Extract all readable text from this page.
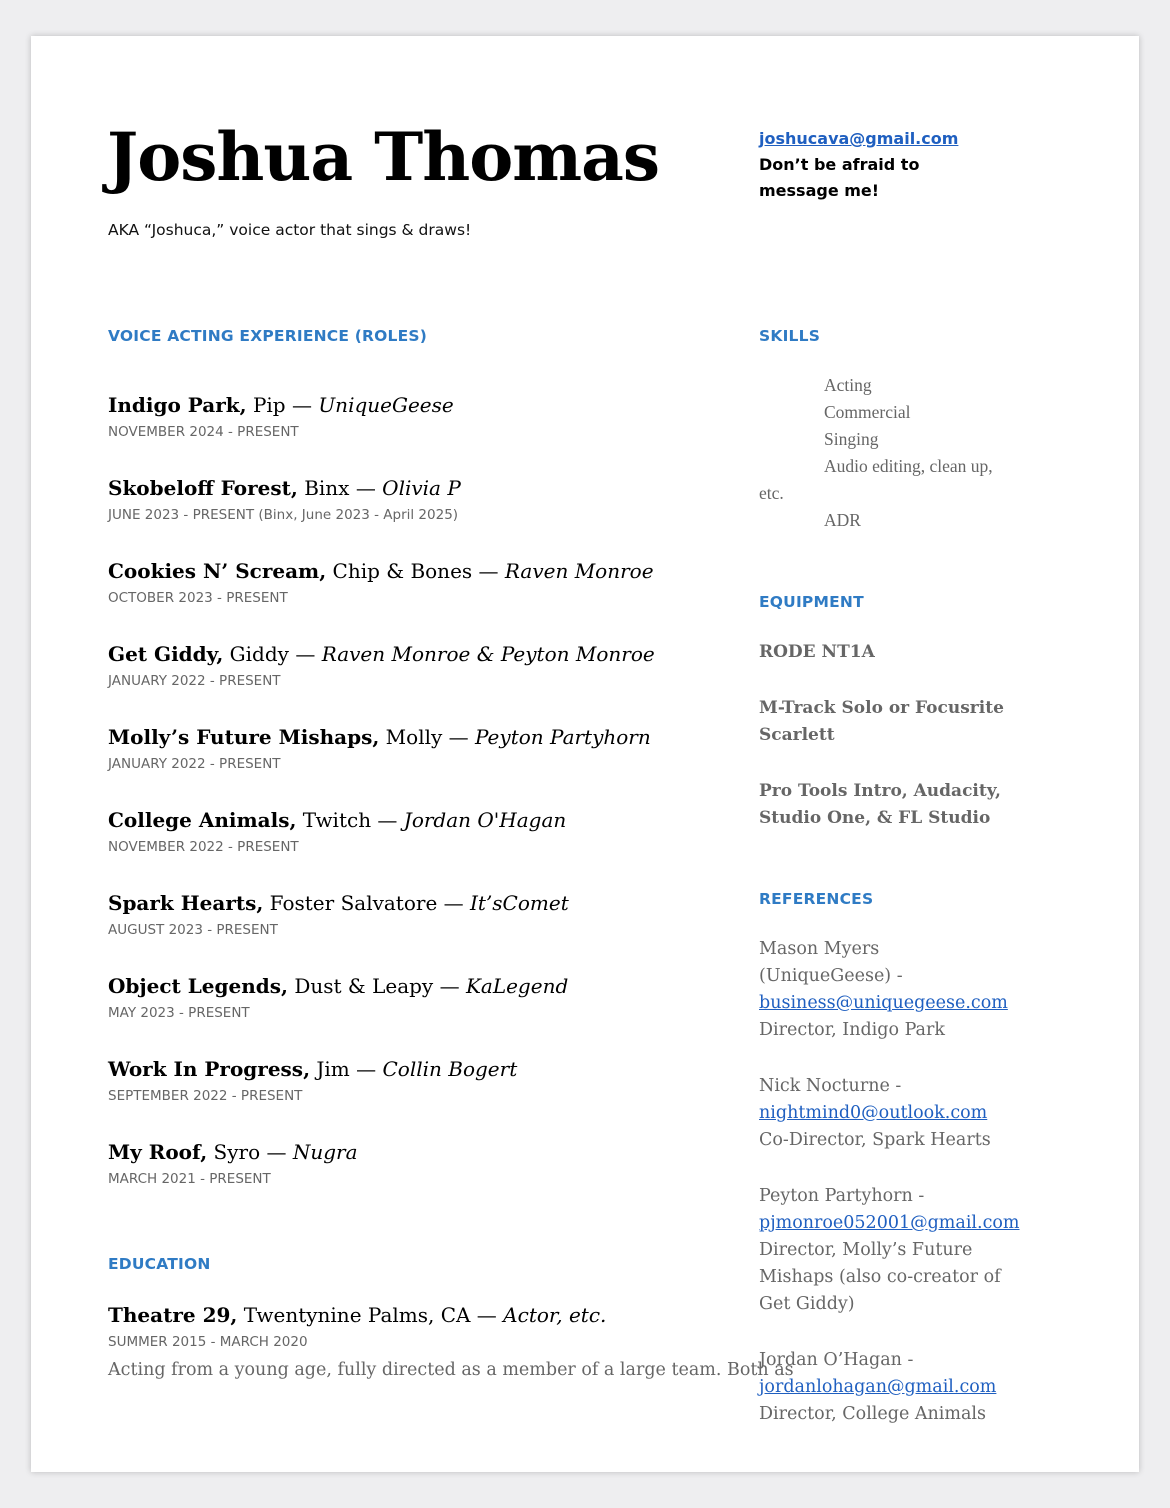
Joshua Thomas
AKA “Joshuca,” voice actor that sings & draws!
joshucava@gmail.com
Don’t be afraid to message me!
VOICE ACTING EXPERIENCE (ROLES)
Indigo Park, Pip — UniqueGeese
NOVEMBER 2024 - PRESENT
Skobeloff Forest, Binx — Olivia P
JUNE 2023 - PRESENT (Binx, June 2023 - April 2025)
Cookies N’ Scream, Chip & Bones — Raven Monroe
OCTOBER 2023 - PRESENT
Get Giddy, Giddy — Raven Monroe & Peyton Monroe
JANUARY 2022 - PRESENT
Molly’s Future Mishaps, Molly — Peyton Partyhorn
JANUARY 2022 - PRESENT
College Animals, Twitch — Jordan O'Hagan
NOVEMBER 2022 - PRESENT
Spark Hearts, Foster Salvatore — It’sComet
AUGUST 2023 - PRESENT
Object Legends, Dust & Leapy — KaLegend
MAY 2023 - PRESENT
Work In Progress, Jim — Collin Bogert
SEPTEMBER 2022 - PRESENT
My Roof, Syro — Nugra
MARCH 2021 - PRESENT
EDUCATION
Theatre 29, Twentynine Palms, CA — Actor, etc.
SUMMER 2015 - MARCH 2020
Acting from a young age, fully directed as a member of a large team. Both as
SKILLS
Acting
Commercial
Singing
Audio editing, clean up, etc.
ADR
EQUIPMENT
RODE NT1A
M-Track Solo or Focusrite Scarlett
Pro Tools Intro, Audacity, Studio One, & FL Studio
REFERENCES
Mason Myers (UniqueGeese) - business@uniquegeese.com Director, Indigo Park
Nick Nocturne - nightmind0@outlook.com Co-Director, Spark Hearts
Peyton Partyhorn - pjmonroe052001@gmail.com Director, Molly’s Future Mishaps (also co-creator of Get Giddy)
Jordan O’Hagan - jordanlohagan@gmail.com Director, College Animals
